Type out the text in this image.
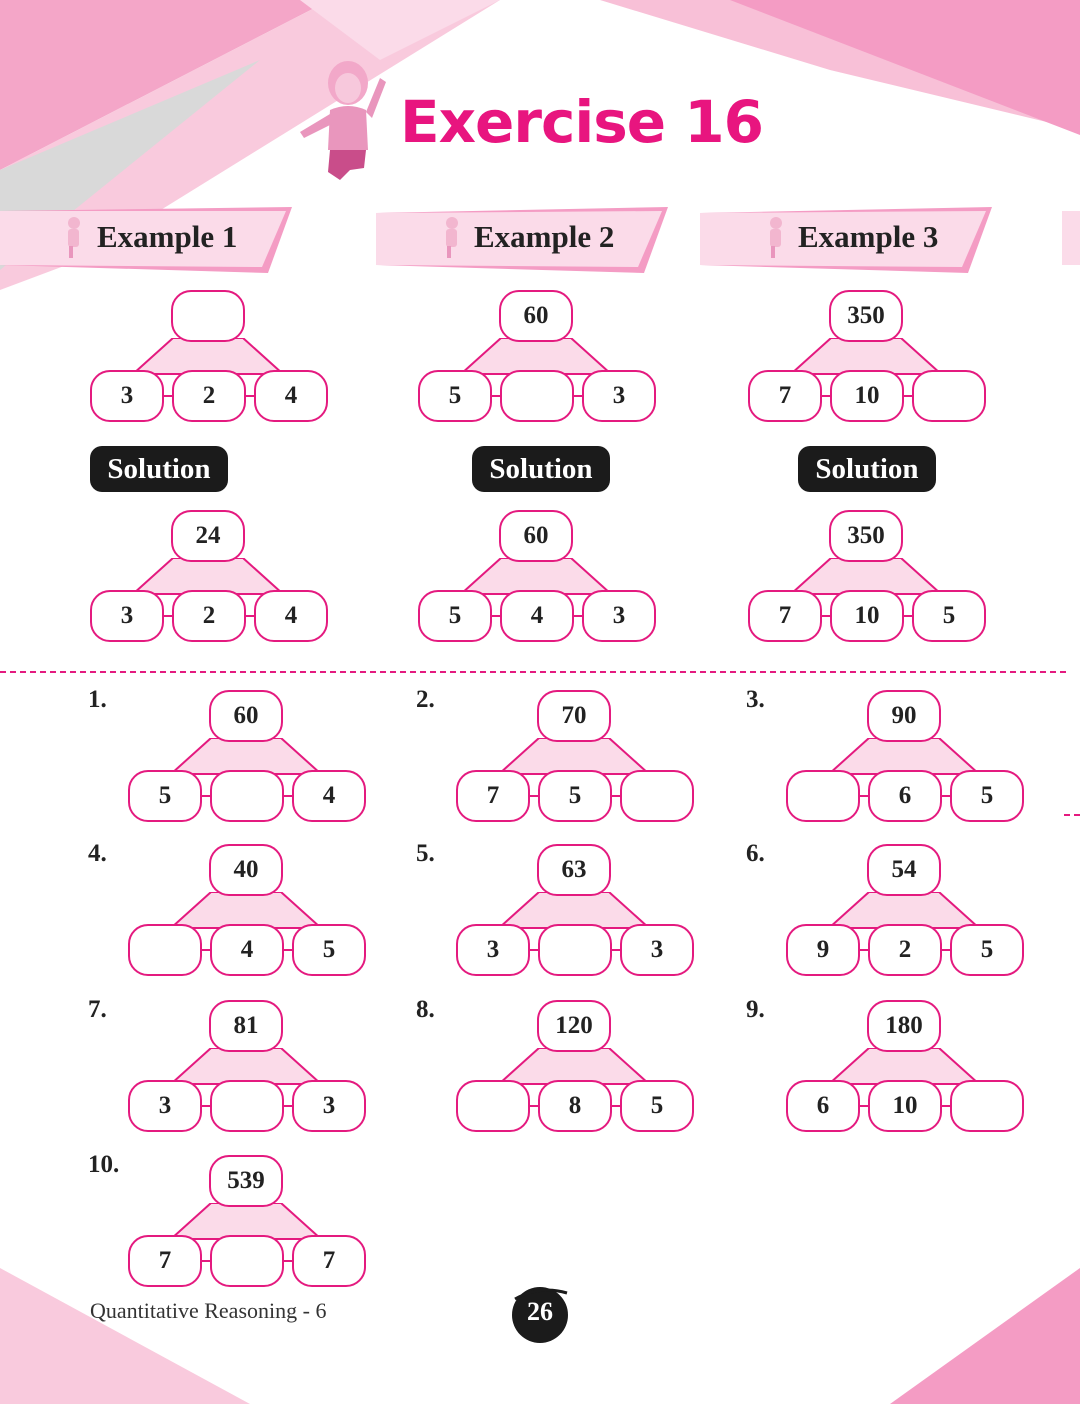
Exercise 16
Example 1	Example 2	Example 3
Solution	Solution	Solution
3	2	4
24
3	2	4
60
5	3
60
5	4	3
350
7	10
350
7	10	5
1.
60
5	4
2.
70
7	5
3.
90
6	5
4.
40
4	5
5.
63
3	3
6.
54
9	2	5
7.
81
3	3
8.
120
8	5
9.
180
6	10
10.
539
7	7
Quantitative Reasoning - 6	26
